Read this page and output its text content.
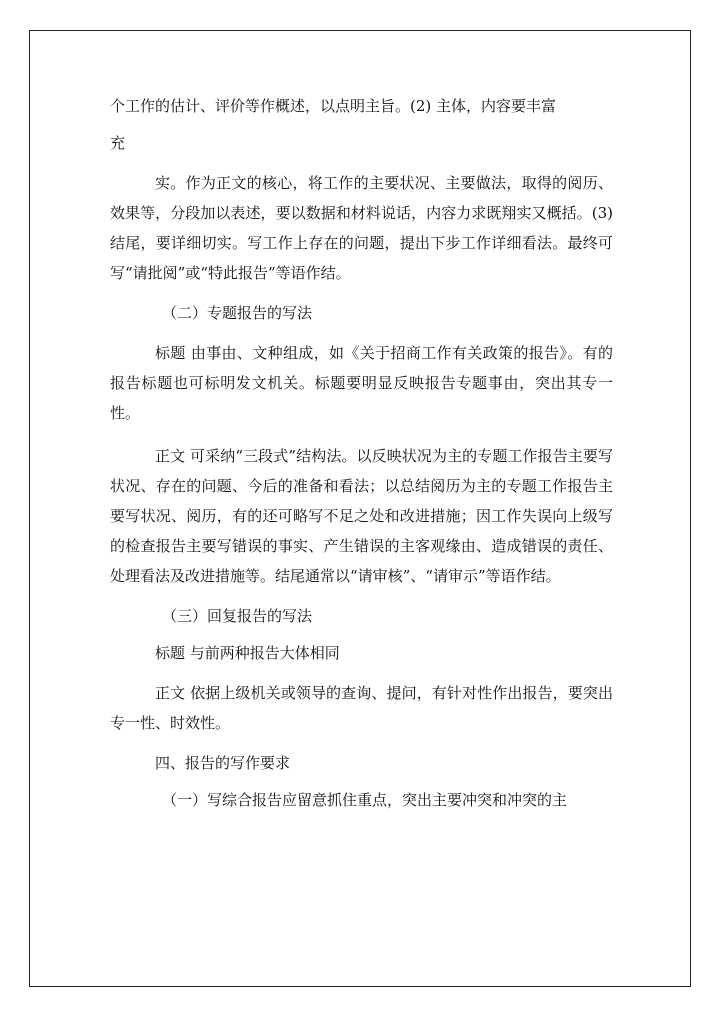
个工作的估计、评价等作概述，以点明主旨。(2) 主体，内容要丰富

充

实。作为正文的核心，将工作的主要状况、主要做法，取得的阅历、效果等，分段加以表述，要以数据和材料说话，内容力求既翔实又概括。(3) 结尾，要详细切实。写工作上存在的问题，提出下步工作详细看法。最终可写“请批阅”或“特此报告”等语作结。

（二）专题报告的写法

标题 由事由、文种组成，如《关于招商工作有关政策的报告》。有的报告标题也可标明发文机关。标题要明显反映报告专题事由，突出其专一性。

正文 可采纳“三段式”结构法。以反映状况为主的专题工作报告主要写状况、存在的问题、今后的准备和看法；以总结阅历为主的专题工作报告主要写状况、阅历，有的还可略写不足之处和改进措施；因工作失误向上级写的检查报告主要写错误的事实、产生错误的主客观缘由、造成错误的责任、处理看法及改进措施等。结尾通常以“请审核”、“请审示”等语作结。

（三）回复报告的写法

标题 与前两种报告大体相同

正文 依据上级机关或领导的查询、提问，有针对性作出报告，要突出专一性、时效性。

四、报告的写作要求

（一）写综合报告应留意抓住重点，突出主要冲突和冲突的主
